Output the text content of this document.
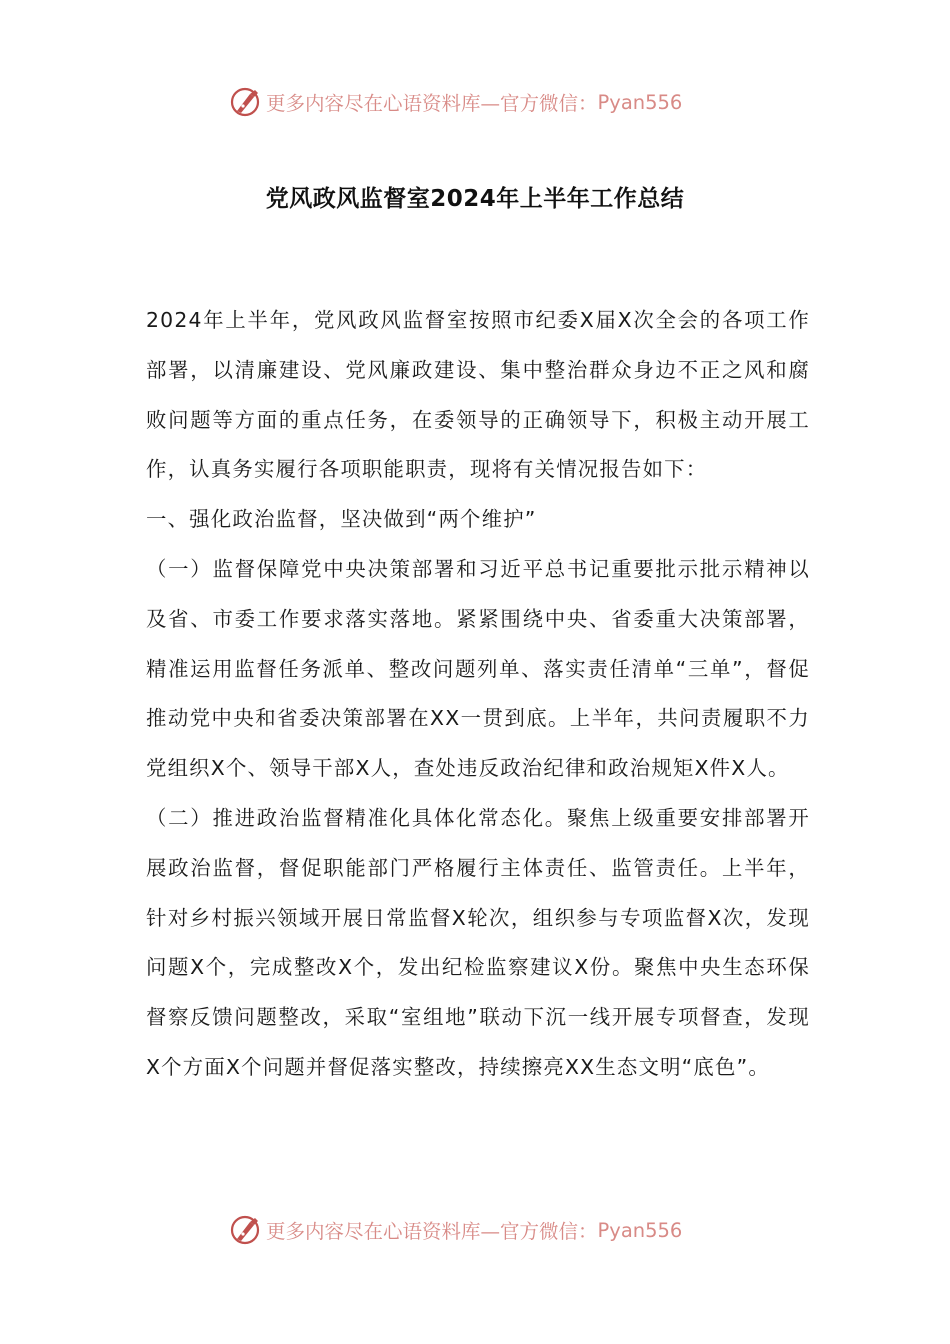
更多内容尽在心语资料库—官方微信： Pyan556
党风政风监督室2024年上半年工作总结

2024年上半年，党风政风监督室按照市纪委X届X次全会的各项工作部署，以清廉建设、党风廉政建设、集中整治群众身边不正之风和腐败问题等方面的重点任务，在委领导的正确领导下，积极主动开展工作，认真务实履行各项职能职责，现将有关情况报告如下：

一、强化政治监督，坚决做到“两个维护”

（一）监督保障党中央决策部署和习近平总书记重要批示批示精神以及省、市委工作要求落实落地。紧紧围绕中央、省委重大决策部署，精准运用监督任务派单、整改问题列单、落实责任清单“三单”，督促推动党中央和省委决策部署在XX一贯到底。上半年，共问责履职不力党组织X个、领导干部X人，查处违反政治纪律和政治规矩X件X人。

（二）推进政治监督精准化具体化常态化。聚焦上级重要安排部署开展政治监督，督促职能部门严格履行主体责任、监管责任。上半年，针对乡村振兴领域开展日常监督X轮次，组织参与专项监督X次，发现问题X个，完成整改X个，发出纪检监察建议X份。聚焦中央生态环保督察反馈问题整改，采取“室组地”联动下沉一线开展专项督查，发现X个方面X个问题并督促落实整改，持续擦亮XX生态文明“底色”。

更多内容尽在心语资料库—官方微信： Pyan556
